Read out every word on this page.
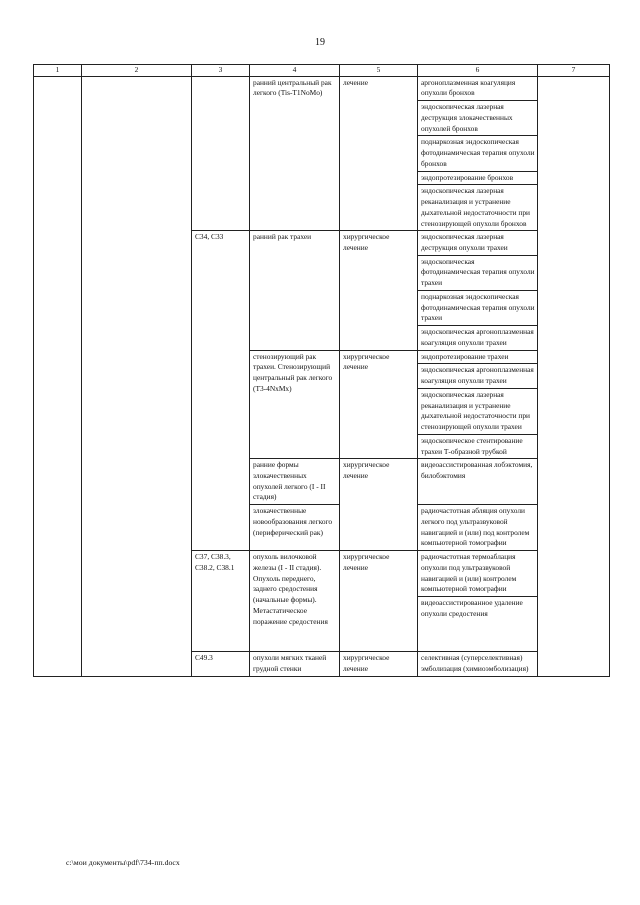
19
1	2	3	4	5	6	7
			ранний центральный рак легкого (Tis-T1NoMo)	лечение	аргоноплазменная коагуляция опухоли бронхов	
					эндоскопическая лазерная деструкция злокачественных опухолей бронхов	
					поднаркозная эндоскопическая фотодинамическая терапия опухоли бронхов	
					эндопротезирование бронхов	
					эндоскопическая лазерная реканализация и устранение дыхательной недостаточности при стенозирующей опухоли бронхов	
		С34, С33	ранний рак трахеи	хирургическое лечение	эндоскопическая лазерная деструкция опухоли трахеи	
					эндоскопическая фотодинамическая терапия опухоли трахеи	
					поднаркозная эндоскопическая фотодинамическая терапия опухоли трахеи	
					эндоскопическая аргоноплазменная коагуляция опухоли трахеи	
			стенозирующий рак трахеи. Стенозирующий центральный рак легкого (Т3-4NxMx)	хирургическое лечение	эндопротезирование трахеи	
					эндоскопическая аргоноплазменная коагуляция опухоли трахеи	
					эндоскопическая лазерная реканализация и устранение дыхательной недостаточности при стенозирующей опухоли трахеи	
					эндоскопическое стентирование трахеи Т-образной трубкой	
			ранние формы злокачественных опухолей легкого (I - II стадия)	хирургическое лечение	видеоассистированная лобэктомия, билобэктомия	
			злокачественные новообразования легкого (периферический рак)		радиочастотная абляция опухоли легкого под ультразвуковой навигацией и (или) под контролем компьютерной томографии	

		С37, С38.3, С38.2, С38.1	опухоль вилочковой железы (I - II стадия). Опухоль переднего, заднего средостения (начальные формы). Метастатическое поражение средостения	хирургическое лечение	радиочастотная термоаблация опухоли под ультразвуковой навигацией и (или) контролем компьютерной томографии	
					видеоассистированное удаление опухоли средостения	
		С49.3	опухоли мягких тканей грудной стенки	хирургическое лечение	селективная (суперселективная) эмболизация (химиоэмболизация)	
c:\мои документы\pdf\734-пп.docx
